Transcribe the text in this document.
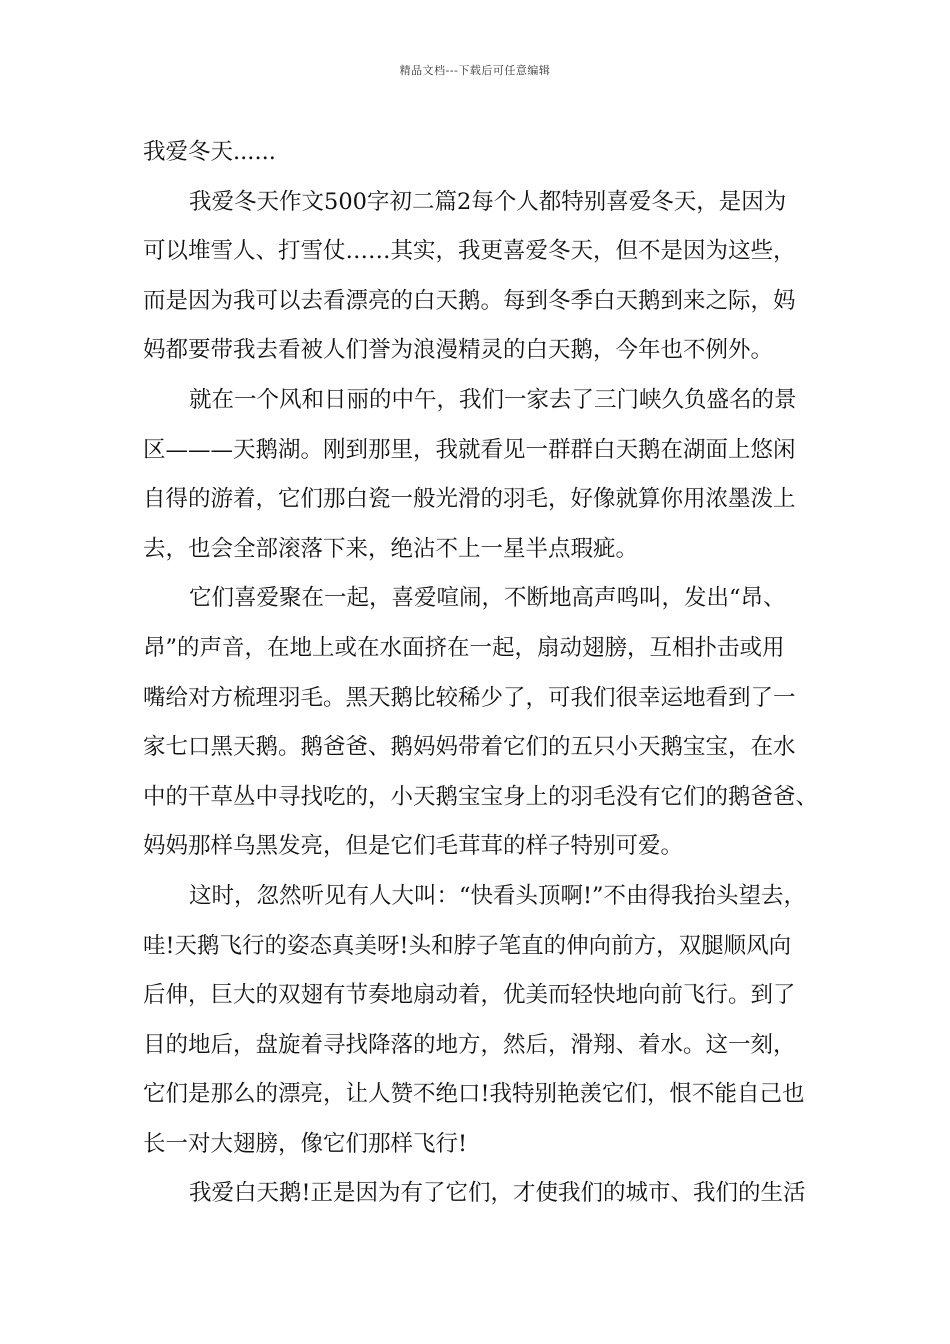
精品文档---下载后可任意编辑
我爱冬天......
我爱冬天作文500字初二篇2每个人都特别喜爱冬天，是因为
可以堆雪人、打雪仗……其实，我更喜爱冬天，但不是因为这些，
而是因为我可以去看漂亮的白天鹅。每到冬季白天鹅到来之际，妈
妈都要带我去看被人们誉为浪漫精灵的白天鹅，今年也不例外。
就在一个风和日丽的中午，我们一家去了三门峡久负盛名的景
区———天鹅湖。刚到那里，我就看见一群群白天鹅在湖面上悠闲
自得的游着，它们那白瓷一般光滑的羽毛，好像就算你用浓墨泼上
去，也会全部滚落下来，绝沾不上一星半点瑕疵。
它们喜爱聚在一起，喜爱喧闹，不断地高声鸣叫，发出“昂、
昂”的声音，在地上或在水面挤在一起，扇动翅膀，互相扑击或用
嘴给对方梳理羽毛。黑天鹅比较稀少了，可我们很幸运地看到了一
家七口黑天鹅。鹅爸爸、鹅妈妈带着它们的五只小天鹅宝宝，在水
中的干草丛中寻找吃的，小天鹅宝宝身上的羽毛没有它们的鹅爸爸、
妈妈那样乌黑发亮，但是它们毛茸茸的样子特别可爱。
这时，忽然听见有人大叫：“快看头顶啊!”不由得我抬头望去，
哇!天鹅飞行的姿态真美呀!头和脖子笔直的伸向前方，双腿顺风向
后伸，巨大的双翅有节奏地扇动着，优美而轻快地向前飞行。到了
目的地后，盘旋着寻找降落的地方，然后，滑翔、着水。这一刻，
它们是那么的漂亮，让人赞不绝口!我特别艳羡它们，恨不能自己也
长一对大翅膀，像它们那样飞行!
我爱白天鹅!正是因为有了它们，才使我们的城市、我们的生活
